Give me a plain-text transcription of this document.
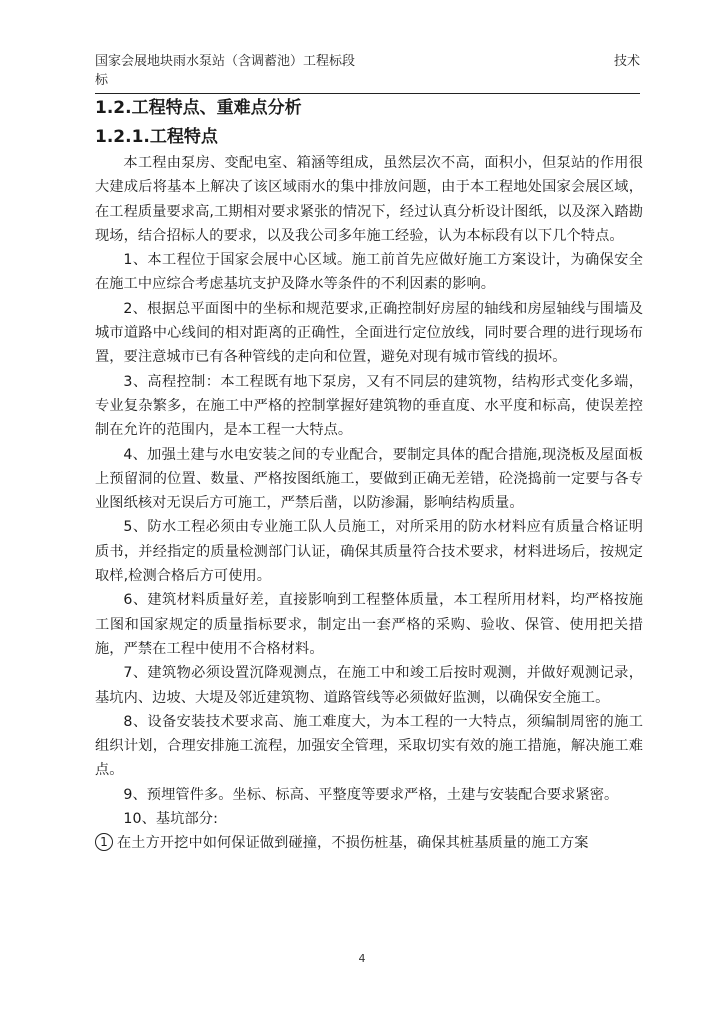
国家会展地块雨水泵站（含调蓄池）工程标段	技术
标
1.2.工程特点、重难点分析
1.2.1.工程特点

本工程由泵房、变配电室、箱涵等组成，虽然层次不高，面积小，但泵站的作用很大建成后将基本上解决了该区域雨水的集中排放问题，由于本工程地处国家会展区域，在工程质量要求高,工期相对要求紧张的情况下，经过认真分析设计图纸，以及深入踏勘现场，结合招标人的要求，以及我公司多年施工经验，认为本标段有以下几个特点。

1、本工程位于国家会展中心区域。施工前首先应做好施工方案设计，为确保安全在施工中应综合考虑基坑支护及降水等条件的不利因素的影响。

2、根据总平面图中的坐标和规范要求,正确控制好房屋的轴线和房屋轴线与围墙及城市道路中心线间的相对距离的正确性，全面进行定位放线，同时要合理的进行现场布置，要注意城市已有各种管线的走向和位置，避免对现有城市管线的损坏。

3、高程控制：本工程既有地下泵房，又有不同层的建筑物，结构形式变化多端，专业复杂繁多，在施工中严格的控制掌握好建筑物的垂直度、水平度和标高，使误差控制在允许的范围内，是本工程一大特点。

4、加强土建与水电安装之间的专业配合，要制定具体的配合措施,现浇板及屋面板上预留洞的位置、数量、严格按图纸施工，要做到正确无差错，砼浇捣前一定要与各专业图纸核对无误后方可施工，严禁后凿，以防渗漏，影响结构质量。

5、防水工程必须由专业施工队人员施工，对所采用的防水材料应有质量合格证明质书，并经指定的质量检测部门认证，确保其质量符合技术要求，材料进场后，按规定取样,检测合格后方可使用。

6、建筑材料质量好差，直接影响到工程整体质量，本工程所用材料，均严格按施工图和国家规定的质量指标要求，制定出一套严格的采购、验收、保管、使用把关措施，严禁在工程中使用不合格材料。

7、建筑物必须设置沉降观测点，在施工中和竣工后按时观测，并做好观测记录，基坑内、边坡、大堤及邻近建筑物、道路管线等必须做好监测，以确保安全施工。

8、设备安装技术要求高、施工难度大，为本工程的一大特点，须编制周密的施工组织计划，合理安排施工流程，加强安全管理，采取切实有效的施工措施，解决施工难点。

9、预埋管件多。坐标、标高、平整度等要求严格，土建与安装配合要求紧密。

10、基坑部分:

1 在土方开挖中如何保证做到碰撞，不损伤桩基，确保其桩基质量的施工方案

4
